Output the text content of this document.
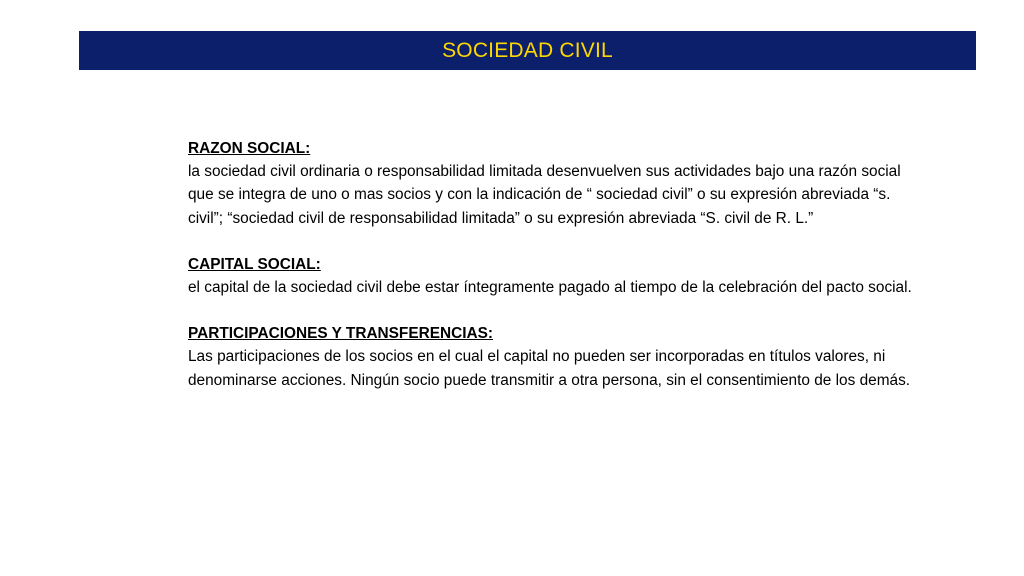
SOCIEDAD CIVIL
RAZON SOCIAL:
la sociedad civil ordinaria o responsabilidad limitada desenvuelven sus actividades bajo una razón social que se integra de uno o mas socios y con la indicación de “ sociedad civil” o su expresión abreviada “s. civil”; “sociedad civil de responsabilidad limitada” o su expresión abreviada “S. civil de R. L.”
CAPITAL SOCIAL:
el capital de la sociedad civil debe estar íntegramente pagado al tiempo de la celebración del pacto social.
PARTICIPACIONES Y TRANSFERENCIAS:
Las participaciones de los socios en el cual el capital no pueden ser incorporadas en títulos valores, ni denominarse acciones. Ningún socio puede transmitir a otra persona, sin el consentimiento de los demás.
